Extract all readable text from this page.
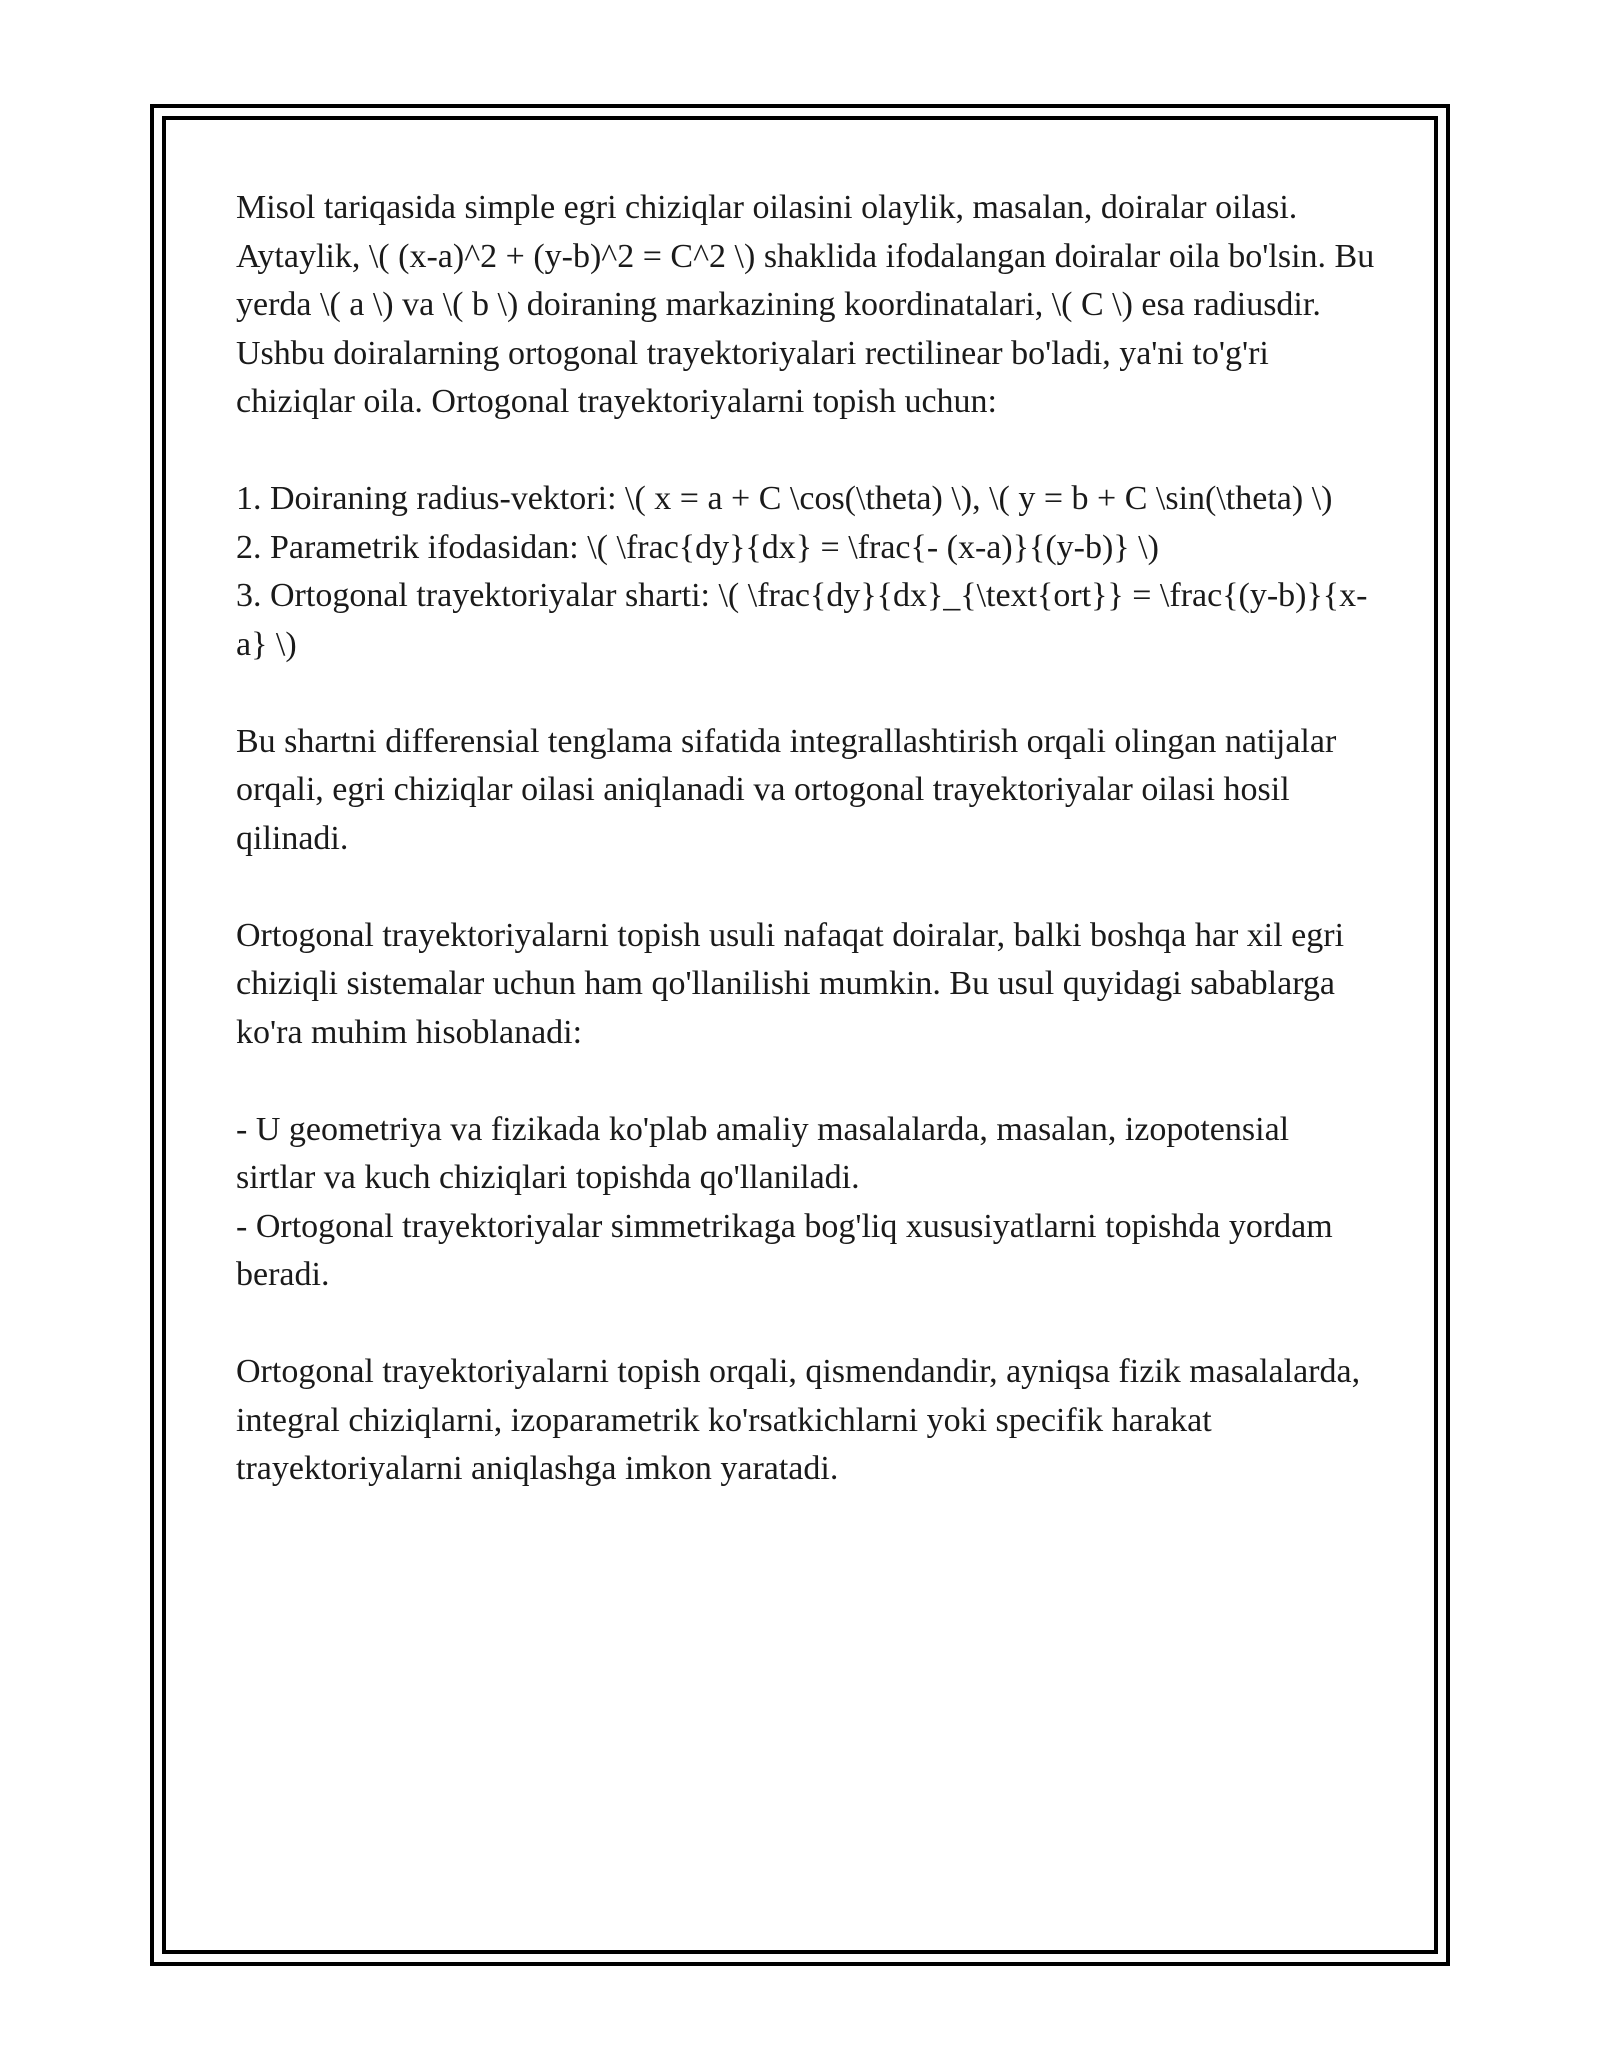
Misol tariqasida simple egri chiziqlar oilasini olaylik, masalan, doiralar oilasi. Aytaylik, \( (x-a)^2 + (y-b)^2 = C^2 \) shaklida ifodalangan doiralar oila bo'lsin. Bu yerda \( a \) va \( b \) doiraning markazining koordinatalari, \( C \) esa radiusdir. Ushbu doiralarning ortogonal trayektoriyalari rectilinear bo'ladi, ya'ni to'g'ri chiziqlar oila. Ortogonal trayektoriyalarni topish uchun:

1. Doiraning radius-vektori: \( x = a + C \cos(\theta) \), \( y = b + C \sin(\theta) \)

2. Parametrik ifodasidan: \( \frac{dy}{dx} = \frac{- (x-a)}{(y-b)} \)

3. Ortogonal trayektoriyalar sharti: \( \frac{dy}{dx}_{\text{ort}} = \frac{(y-b)}{x-a} \)

Bu shartni differensial tenglama sifatida integrallashtirish orqali olingan natijalar orqali, egri chiziqlar oilasi aniqlanadi va ortogonal trayektoriyalar oilasi hosil qilinadi.

Ortogonal trayektoriyalarni topish usuli nafaqat doiralar, balki boshqa har xil egri chiziqli sistemalar uchun ham qo'llanilishi mumkin. Bu usul quyidagi sabablarga ko'ra muhim hisoblanadi:

- U geometriya va fizikada ko'plab amaliy masalalarda, masalan, izopotensial sirtlar va kuch chiziqlari topishda qo'llaniladi.

- Ortogonal trayektoriyalar simmetrikaga bog'liq xususiyatlarni topishda yordam beradi.

Ortogonal trayektoriyalarni topish orqali, qismendandir, ayniqsa fizik masalalarda, integral chiziqlarni, izoparametrik ko'rsatkichlarni yoki specifik harakat trayektoriyalarni aniqlashga imkon yaratadi.
